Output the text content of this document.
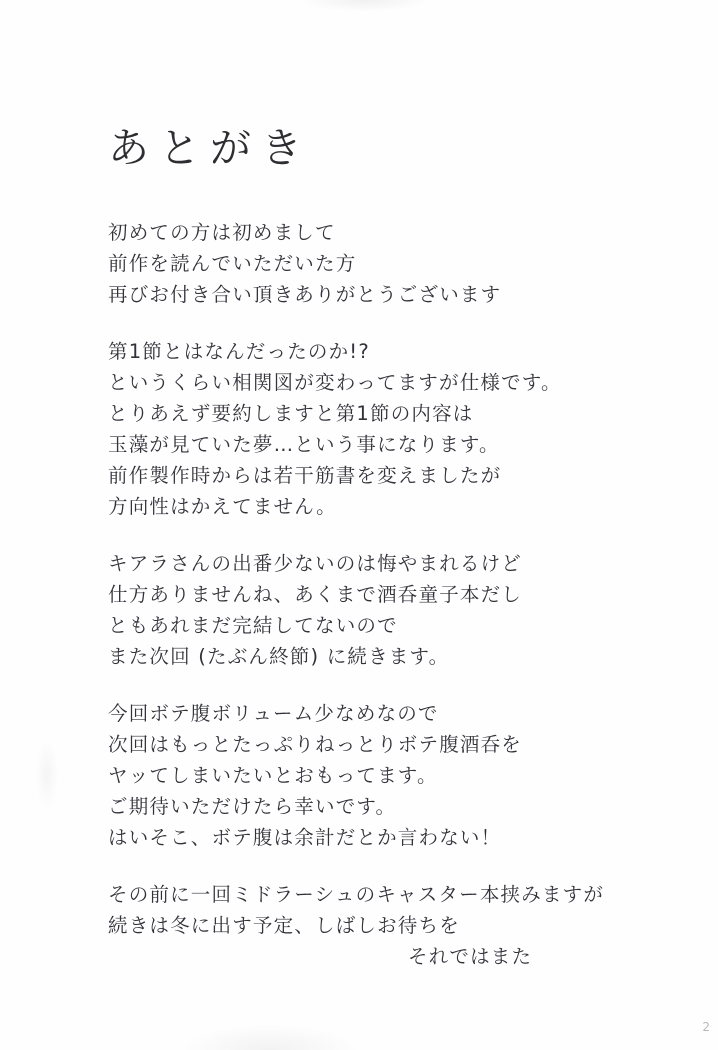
あとがき
初めての方は初めまして
前作を読んでいただいた方
再びお付き合い頂きありがとうございます
第1節とはなんだったのか!?
というくらい相関図が変わってますが仕様です。
とりあえず要約しますと第1節の内容は
玉藻が見ていた夢…という事になります。
前作製作時からは若干筋書を変えましたが
方向性はかえてません。
キアラさんの出番少ないのは悔やまれるけど
仕方ありませんね、あくまで酒呑童子本だし
ともあれまだ完結してないので
また次回 (たぶん終節) に続きます。
今回ボテ腹ボリューム少なめなので
次回はもっとたっぷりねっとりボテ腹酒呑を
ヤッてしまいたいとおもってます。
ご期待いただけたら幸いです。
はいそこ、ボテ腹は余計だとか言わない！
その前に一回ミドラーシュのキャスター本挟みますが
続きは冬に出す予定、しばしお待ちを
それではまた
2
